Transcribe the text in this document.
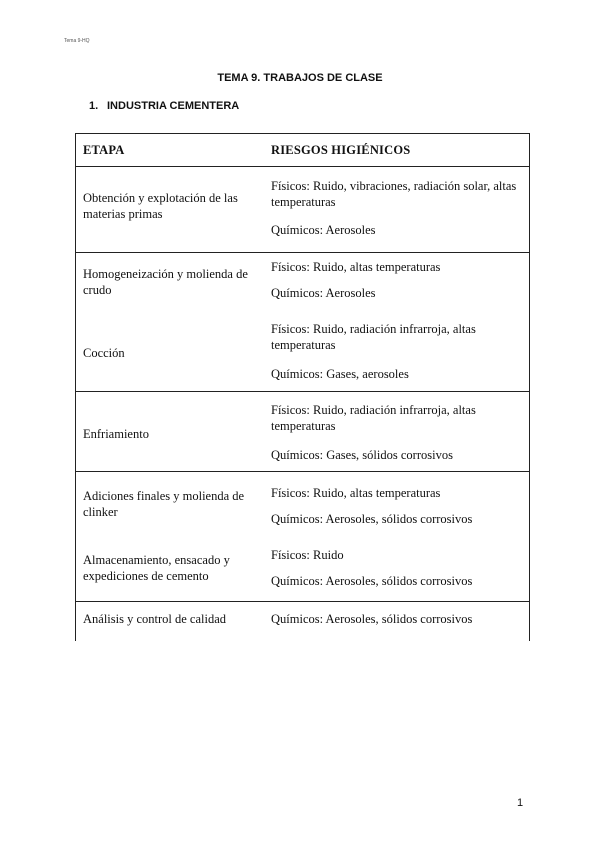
Tema 9-HQ
TEMA 9. TRABAJOS DE CLASE
1. INDUSTRIA CEMENTERA
ETAPA	RIESGOS HIGIÉNICOS
Obtención y explotación de las materias primas
Físicos: Ruido, vibraciones, radiación solar, altas temperaturas
Químicos: Aerosoles
Homogeneización y molienda de crudo
Físicos: Ruido, altas temperaturas
Químicos: Aerosoles
Cocción
Físicos: Ruido, radiación infrarroja, altas temperaturas
Químicos: Gases, aerosoles
Enfriamiento
Físicos: Ruido, radiación infrarroja, altas temperaturas
Químicos: Gases, sólidos corrosivos
Adiciones finales y molienda de clinker
Físicos: Ruido, altas temperaturas
Químicos: Aerosoles, sólidos corrosivos
Almacenamiento, ensacado y expediciones de cemento
Físicos: Ruido
Químicos: Aerosoles, sólidos corrosivos
Análisis y control de calidad	Químicos: Aerosoles, sólidos corrosivos
1
